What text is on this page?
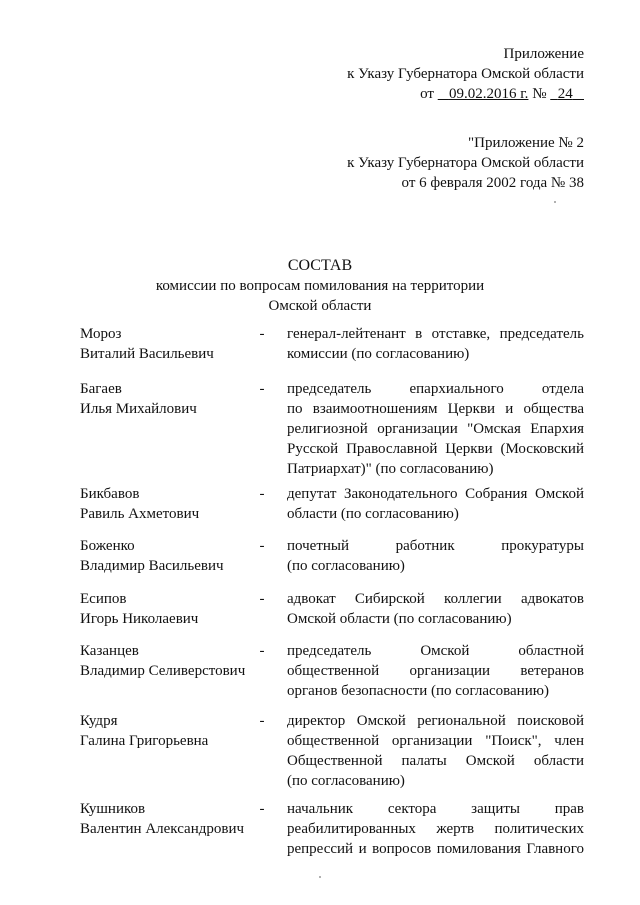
Приложение
к Указу Губернатора Омской области
от 09.02.2016 г. № 24
"Приложение № 2
к Указу Губернатора Омской области
от 6 февраля 2002 года № 38
СОСТАВ
комиссии по вопросам помилования на территории
Омской области
Мороз
Виталий Васильевич
- генерал-лейтенант в отставке, председатель
комиссии (по согласованию)
Багаев
Илья Михайлович
- председатель епархиального отдела
по взаимоотношениям Церкви и общества
религиозной организации "Омская Епархия
Русской Православной Церкви (Московский
Патриархат)" (по согласованию)
Бикбавов
Равиль Ахметович
- депутат Законодательного Собрания Омской
области (по согласованию)
Боженко
Владимир Васильевич
- почетный работник прокуратуры
(по согласованию)
Есипов
Игорь Николаевич
- адвокат Сибирской коллегии адвокатов
Омской области (по согласованию)
Казанцев
Владимир Селиверстович
- председатель Омской областной
общественной организации ветеранов
органов безопасности (по согласованию)
Кудря
Галина Григорьевна
- директор Омской региональной поисковой
общественной организации "Поиск", член
Общественной палаты Омской области
(по согласованию)
Кушников
Валентин Александрович
- начальник сектора защиты прав
реабилитированных жертв политических
репрессий и вопросов помилования Главного
